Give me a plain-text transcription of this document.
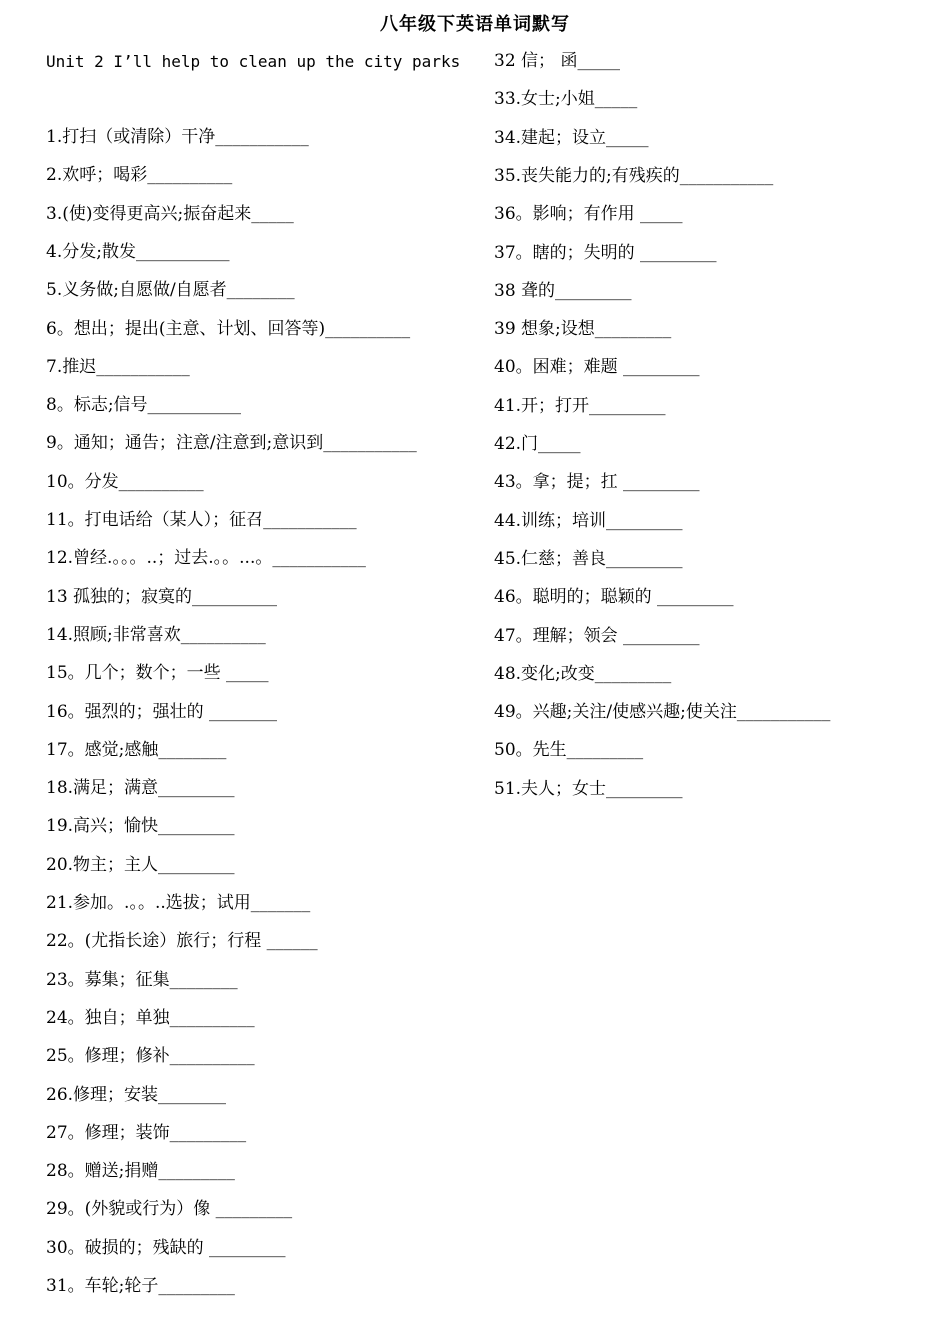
八年级下英语单词默写
Unit 2 I’ll help to clean up the city parks
1.打扫（或清除）干净___________
2.欢呼；喝彩__________
3.(使)变得更高兴;振奋起来_____
4.分发;散发___________
5.义务做;自愿做/自愿者________
6。想出；提出(主意、计划、回答等)__________
7.推迟___________
8。标志;信号___________
9。通知；通告；注意/注意到;意识到___________
10。分发__________
11。打电话给（某人）；征召___________
12.曾经.。。。..；过去.。。...。___________
13 孤独的；寂寞的__________
14.照顾;非常喜欢__________
15。几个；数个；一些 _____
16。强烈的；强壮的 ________
17。感觉;感触________
18.满足；满意_________
19.高兴；愉快_________
20.物主；主人_________
21.参加。.。。..选拔；试用_______
22。(尤指长途）旅行；行程 ______
23。募集；征集________
24。独自；单独__________
25。修理；修补__________
26.修理；安装________
27。修理；装饰_________
28。赠送;捐赠_________
29。(外貌或行为）像 _________
30。破损的；残缺的 _________
31。车轮;轮子_________
32 信； 函_____
33.女士;小姐_____
34.建起；设立_____
35.丧失能力的;有残疾的___________
36。影响；有作用 _____
37。瞎的；失明的 _________
38 聋的_________
39 想象;设想_________
40。困难；难题 _________
41.开；打开_________
42.门_____
43。拿；提；扛 _________
44.训练；培训_________
45.仁慈；善良_________
46。聪明的；聪颖的 _________
47。理解；领会 _________
48.变化;改变_________
49。兴趣;关注/使感兴趣;使关注___________
50。先生_________
51.夫人；女士_________
